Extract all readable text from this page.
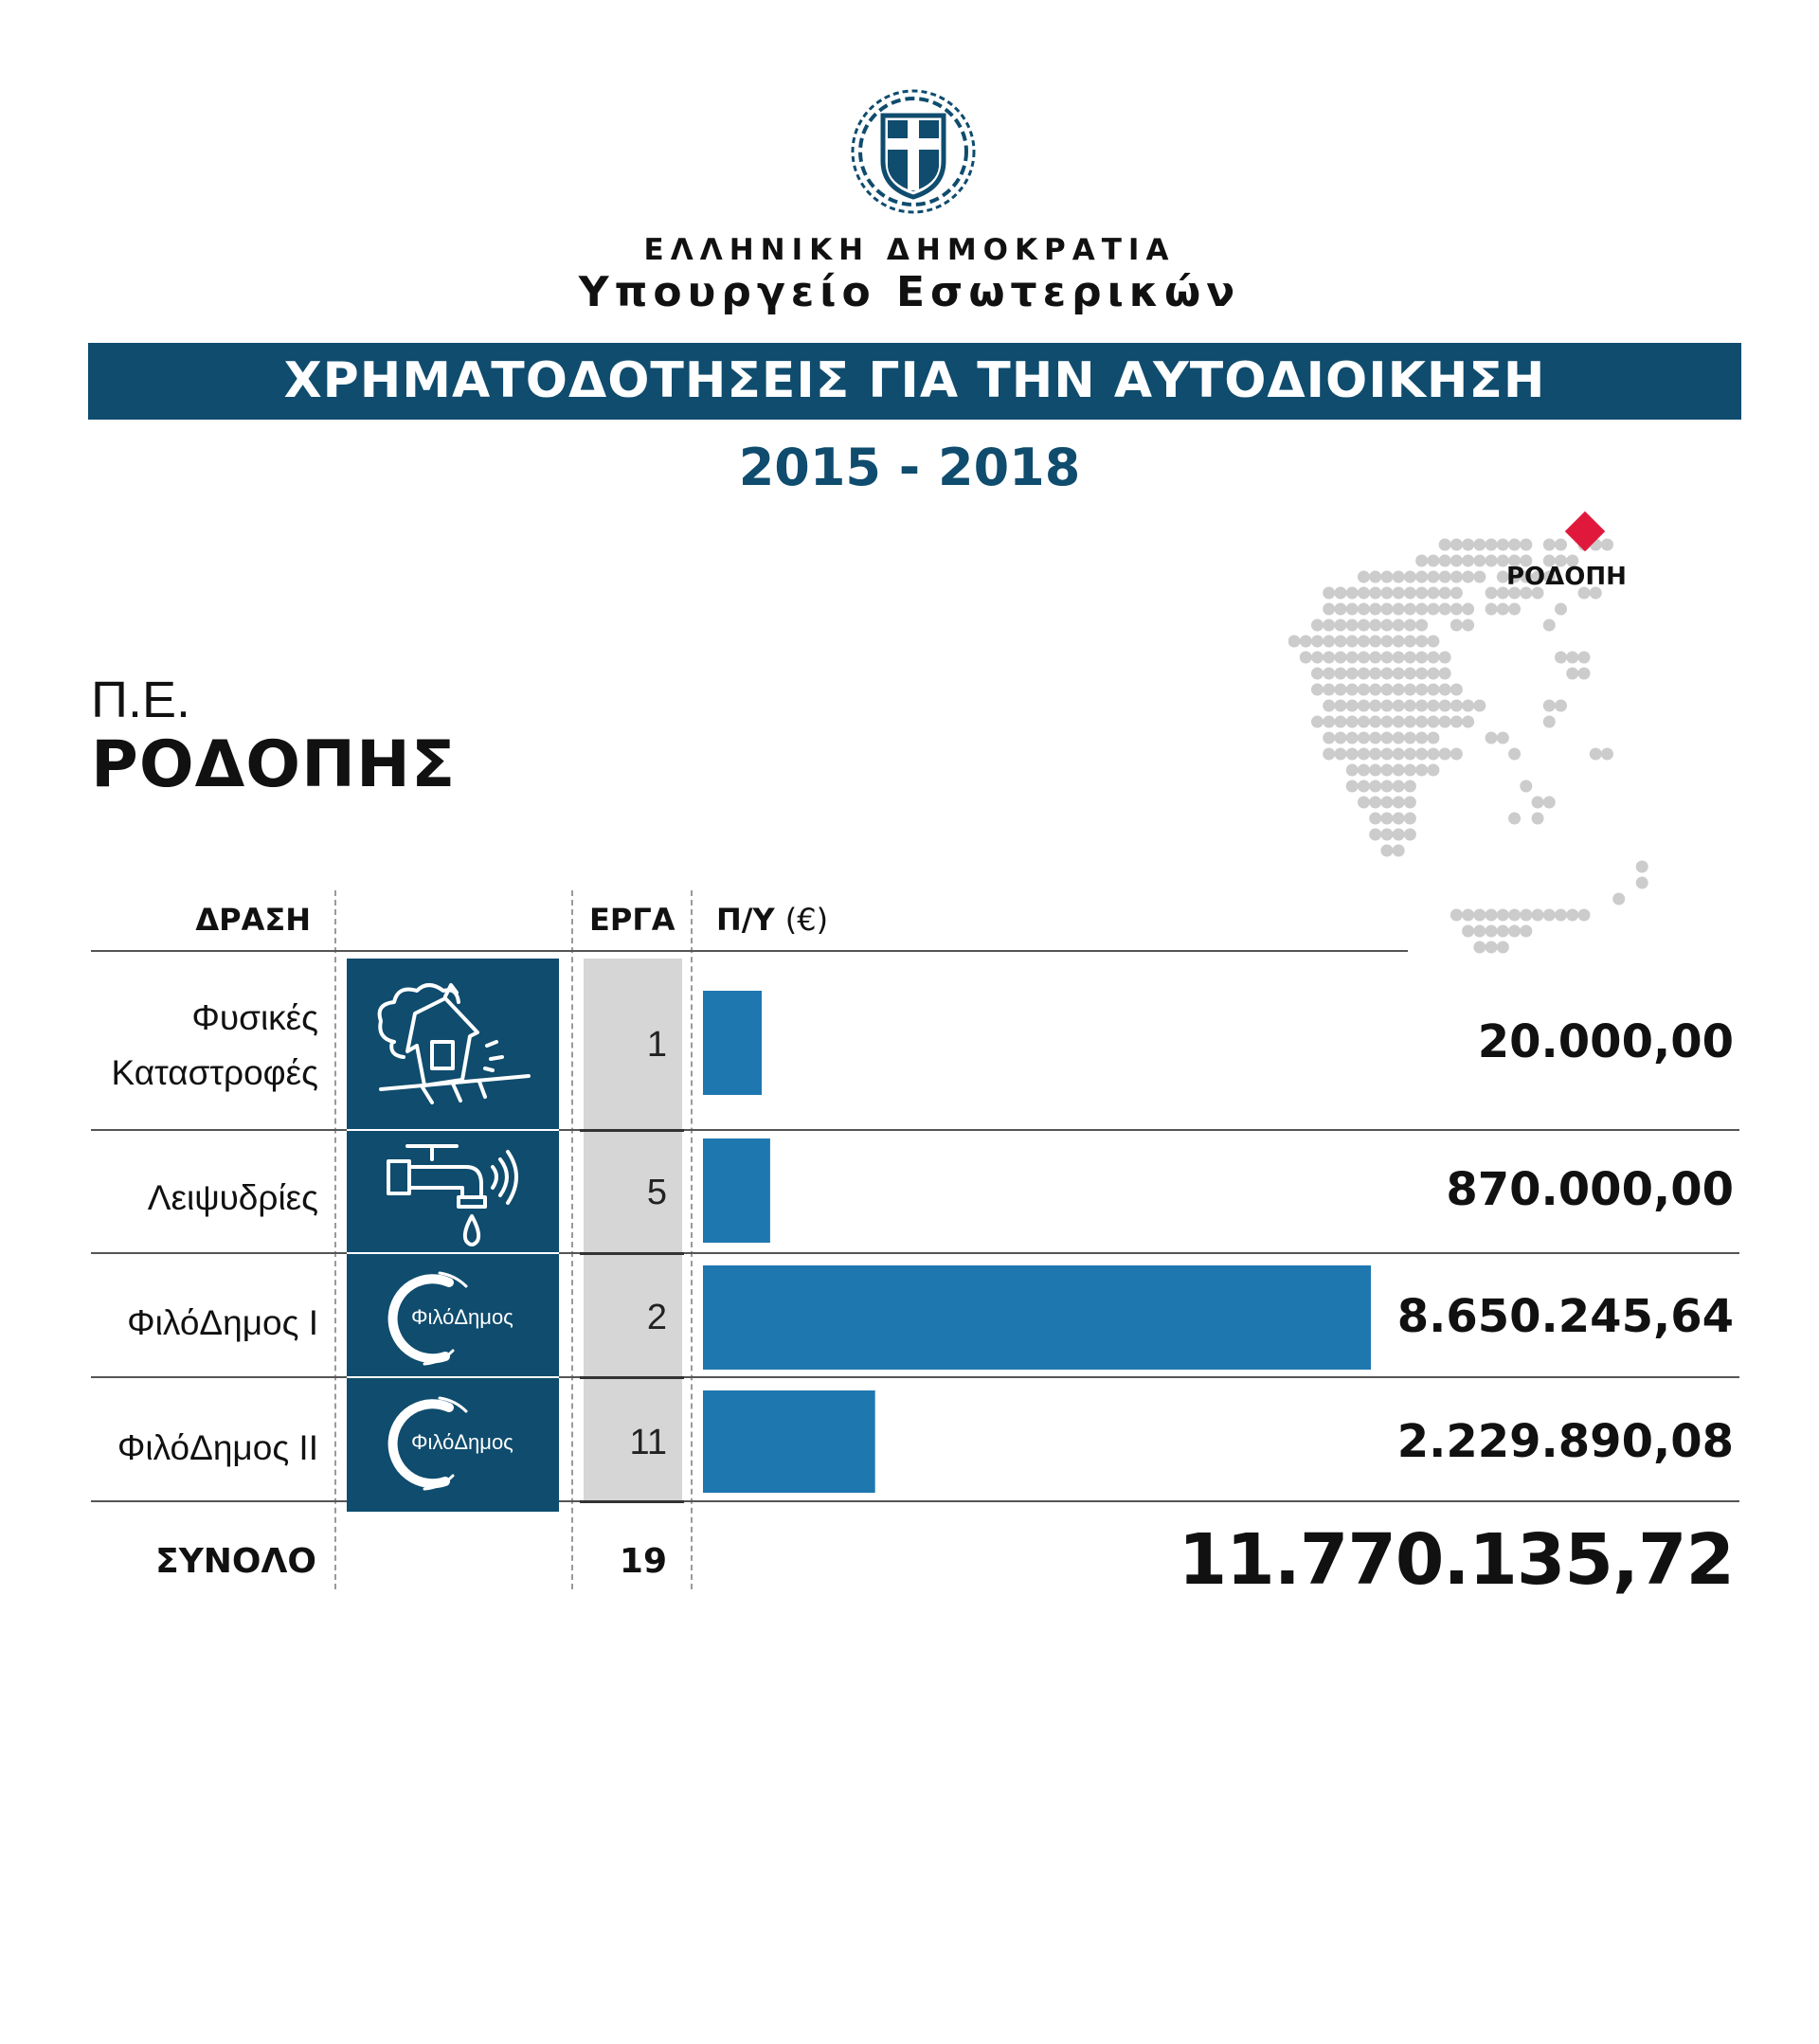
ΕΛΛΗΝΙΚΗ ΔΗΜΟΚΡΑΤΙΑ
Υπουργείο Εσωτερικών
ΧΡΗΜΑΤΟΔΟΤΗΣΕΙΣ ΓΙΑ ΤΗΝ ΑΥΤΟΔΙΟΙΚΗΣΗ
2015 - 2018
Π.Ε.
ΡΟΔΟΠΗΣ
ΡΟΔΟΠΗ
ΔΡΑΣΗ	ΕΡΓΑ Π/Υ (€)
Φυσικές
Καταστροφές
1	20.000,00
Λειψυδρίες	5	870.000,00
ΦιλόΔημος Ι	ΦιλόΔημος	2	8.650.245,64
ΦιλόΔημος ΙΙ	ΦιλόΔημος	11	2.229.890,08
ΣΥΝΟΛΟ	19	11.770.135,72
